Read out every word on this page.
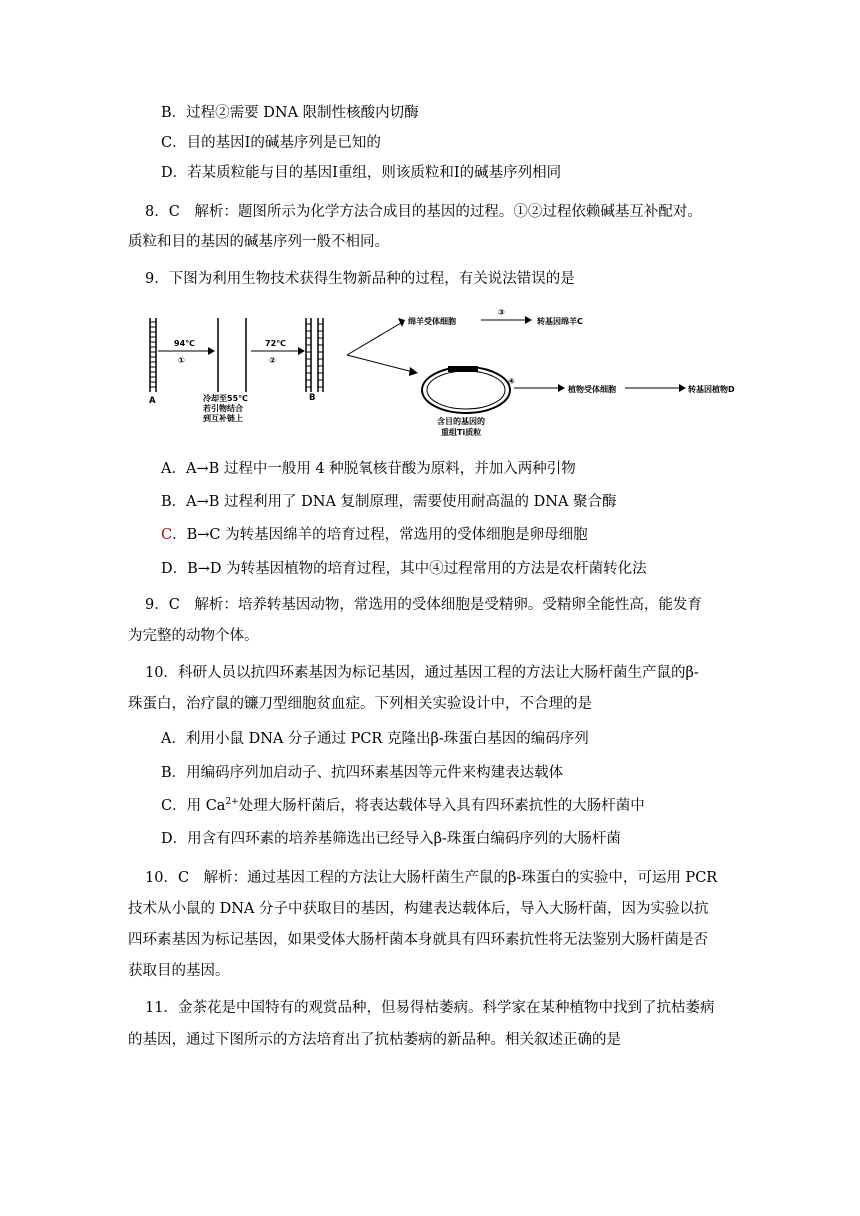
B．过程②需要 DNA 限制性核酸内切酶
C．目的基因Ⅰ的碱基序列是已知的
D．若某质粒能与目的基因Ⅰ重组，则该质粒和Ⅰ的碱基序列相同
8．C　解析：题图所示为化学方法合成目的基因的过程。①②过程依赖碱基互补配对。
质粒和目的基因的碱基序列一般不相同。
9．下图为利用生物技术获得生物新品种的过程，有关说法错误的是
A
94℃
①
冷却至55℃
若引物结合
到互补链上
72℃
②
B
绵羊受体细胞
③
转基因绵羊C
含目的基因的
重组Ti质粒
④
植物受体细胞	转基因植物D
A．A→B 过程中一般用 4 种脱氧核苷酸为原料，并加入两种引物
B．A→B 过程利用了 DNA 复制原理，需要使用耐高温的 DNA 聚合酶
C．B→C 为转基因绵羊的培育过程，常选用的受体细胞是卵母细胞
D．B→D 为转基因植物的培育过程，其中④过程常用的方法是农杆菌转化法
9．C　解析：培养转基因动物，常选用的受体细胞是受精卵。受精卵全能性高，能发育
为完整的动物个体。
10．科研人员以抗四环素基因为标记基因，通过基因工程的方法让大肠杆菌生产鼠的β-
珠蛋白，治疗鼠的镰刀型细胞贫血症。下列相关实验设计中，不合理的是
A．利用小鼠 DNA 分子通过 PCR 克隆出β-珠蛋白基因的编码序列
B．用编码序列加启动子、抗四环素基因等元件来构建表达载体
C．用 $Ca^{2+}$处理大肠杆菌后，将表达载体导入具有四环素抗性的大肠杆菌中
D．用含有四环素的培养基筛选出已经导入β-珠蛋白编码序列的大肠杆菌
10．C　解析：通过基因工程的方法让大肠杆菌生产鼠的β-珠蛋白的实验中，可运用 PCR
技术从小鼠的 DNA 分子中获取目的基因，构建表达载体后，导入大肠杆菌，因为实验以抗
四环素基因为标记基因，如果受体大肠杆菌本身就具有四环素抗性将无法鉴别大肠杆菌是否
获取目的基因。
11．金茶花是中国特有的观赏品种，但易得枯萎病。科学家在某种植物中找到了抗枯萎病
的基因，通过下图所示的方法培育出了抗枯萎病的新品种。相关叙述正确的是
